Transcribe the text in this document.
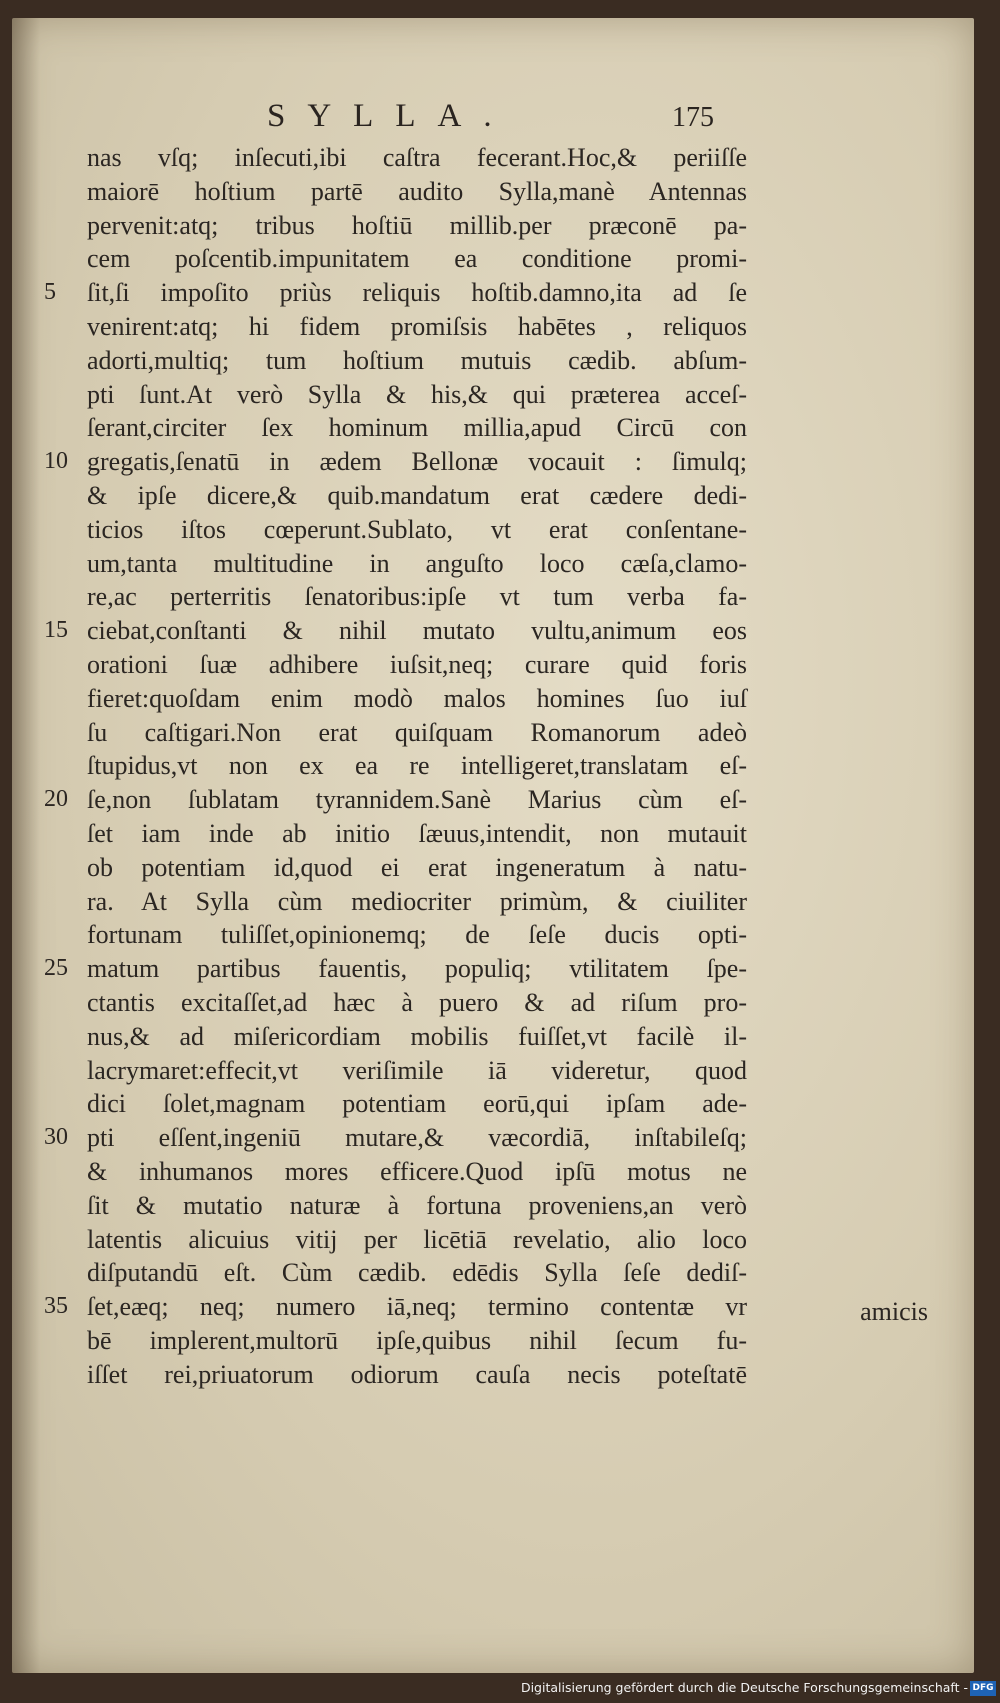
SYLLA.	175
nas vſq; inſecuti,ibi caſtra fecerant.Hoc,& periiſſe
maiorē hoſtium partē audito Sylla,manè Antennas
pervenit:atq; tribus hoſtiū millib.per præconē pa-
cem poſcentib.impunitatem ea conditione promi-
5 ſit,ſi impoſito priùs reliquis hoſtib.damno,ita ad ſe
venirent:atq; hi fidem promiſsis habētes , reliquos
adorti,multiq; tum hoſtium mutuis cædib. abſum-
pti ſunt.At verò Sylla & his,& qui præterea acceſ-
ſerant,circiter ſex hominum millia,apud Circū con
10 gregatis,ſenatū in ædem Bellonæ vocauit : ſimulq;
& ipſe dicere,& quib.mandatum erat cædere dedi-
ticios iſtos cœperunt.Sublato, vt erat conſentane-
um,tanta multitudine in anguſto loco cæſa,clamo-
re,ac perterritis ſenatoribus:ipſe vt tum verba fa-
15 ciebat,conſtanti & nihil mutato vultu,animum eos
orationi ſuæ adhibere iuſsit,neq; curare quid foris
fieret:quoſdam enim modò malos homines ſuo iuſ
ſu caſtigari.Non erat quiſquam Romanorum adeò
ſtupidus,vt non ex ea re intelligeret,translatam eſ-
20 ſe,non ſublatam tyrannidem.Sanè Marius cùm eſ-
ſet iam inde ab initio ſæuus,intendit, non mutauit
ob potentiam id,quod ei erat ingeneratum à natu-
ra. At Sylla cùm mediocriter primùm, & ciuiliter
fortunam tuliſſet,opinionemq; de ſeſe ducis opti-
25 matum partibus fauentis, populiq; vtilitatem ſpe-
ctantis excitaſſet,ad hæc à puero & ad riſum pro-
nus,& ad miſericordiam mobilis fuiſſet,vt facilè il-
lacrymaret:effecit,vt veriſimile iā videretur, quod
dici ſolet,magnam potentiam eorū,qui ipſam ade-
30 pti eſſent,ingeniū mutare,& væcordiā, inſtabileſq;
& inhumanos mores efficere.Quod ipſū motus ne
ſit & mutatio naturæ à fortuna proveniens,an verò
latentis alicuius vitij per licētiā revelatio, alio loco
diſputandū eſt. Cùm cædib. edēdis Sylla ſeſe dediſ-
35 ſet,eæq; neq; numero iā,neq; termino contentæ vr
bē implerent,multorū ipſe,quibus nihil ſecum fu-
iſſet rei,priuatorum odiorum cauſa necis poteſtatē
amicis
Digitalisierung gefördert durch die Deutsche Forschungsgemeinschaft - DFG
